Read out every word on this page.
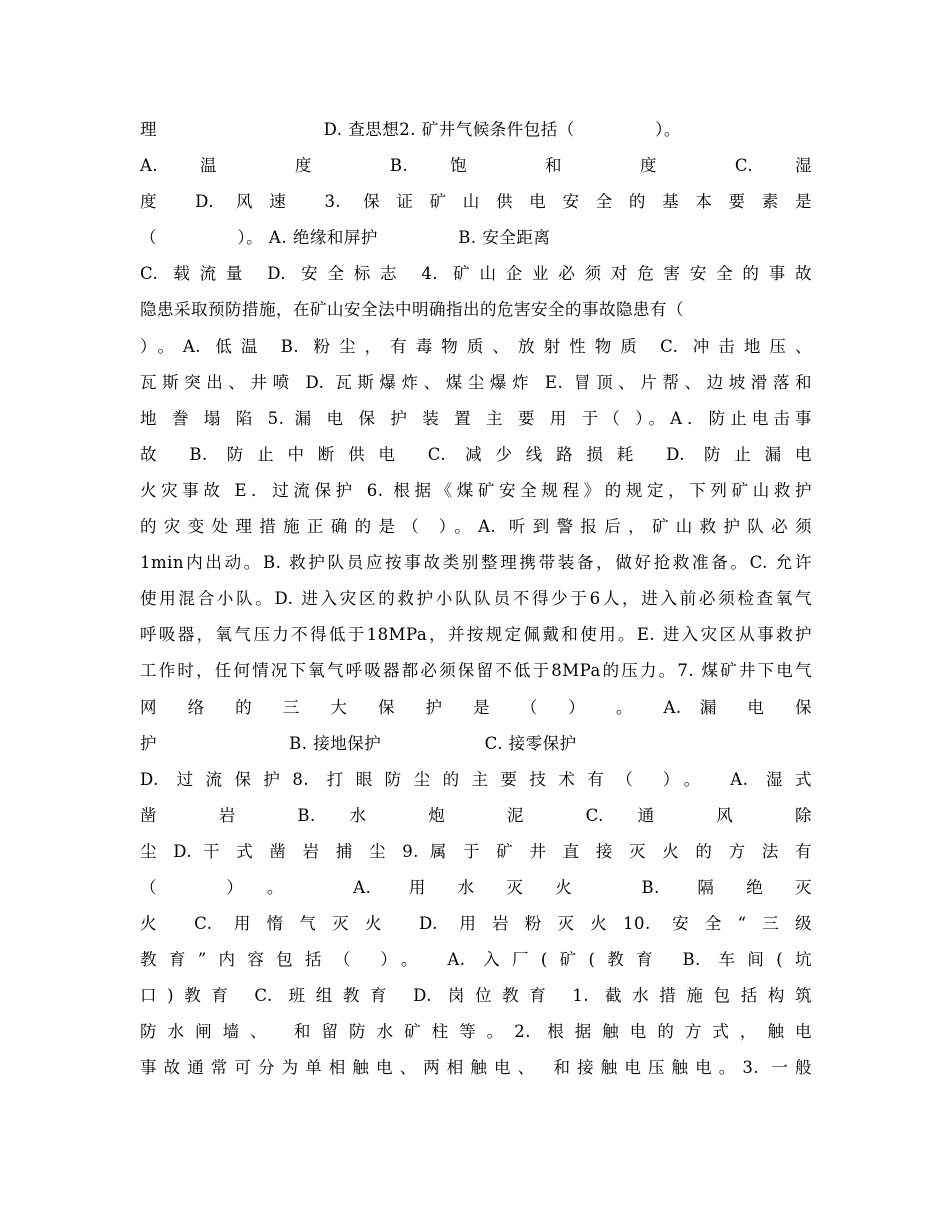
理                             D. 查思想2. 矿井气候条件包括（              ）。
A. 温 度 B. 饱 和 度 C. 湿
度 D. 风速 3. 保证矿山供电安全的基本要素是
（              ）。 A. 绝缘和屏护              B. 安全距离
C. 载流量 D. 安全标志 4. 矿山企业必须对危害安全的事故
隐患采取预防措施，在矿山安全法中明确指出的危害安全的事故隐患有（
）。A. 低温 B. 粉尘，有毒物质、放射性物质 C. 冲击地压、
瓦斯突出、井喷 D. 瓦斯爆炸、煤尘爆炸 E. 冒顶、片帮、边坡滑落和
地 誊 塌 陷 5. 漏 电 保 护 装 置 主 要 用 于（ ）。A．防止电击事
故 B. 防止中断供电 C. 减少线路损耗 D. 防止漏电
火灾事故 E．过流保护 6. 根据《煤矿安全规程》的规定，下列矿山救护
的灾变处理措施正确的是（ ）。A. 听到警报后，矿山救护队必须
1min内出动。B. 救护队员应按事故类别整理携带装备，做好抢救准备。C. 允许
使用混合小队。D. 进入灾区的救护小队队员不得少于6人，进入前必须检查氧气
呼吸器，氧气压力不得低于18MPa，并按规定佩戴和使用。E. 进入灾区从事救护
工作时，任何情况下氧气呼吸器都必须保留不低于8MPa的压力。7. 煤矿井下电气
网 络 的 三 大 保 护 是 （ ） 。 A. 漏 电 保
护                       B. 接地保护                  C. 接零保护
D. 过流保护8. 打眼防尘的主要技术有（ ）。 A. 湿式
凿 岩 B. 水 炮 泥 C. 通 风 除
尘 D. 干 式 凿 岩 捕 尘 9. 属 于 矿 井 直 接 灭 火 的 方 法 有
（ ）。 A. 用水灭火 B. 隔绝灭
火 C. 用惰气灭火 D. 用岩粉灭火10. 安全“三级
教育”内容包括（ ）。 A. 入厂(矿(教育 B. 车间(坑
口)教育 C. 班组教育 D. 岗位教育 1. 截水措施包括构筑
防水闸墙、 和留防水矿柱等。2. 根据触电的方式，触电
事故通常可分为单相触电、两相触电、 和接触电压触电。3. 一般
